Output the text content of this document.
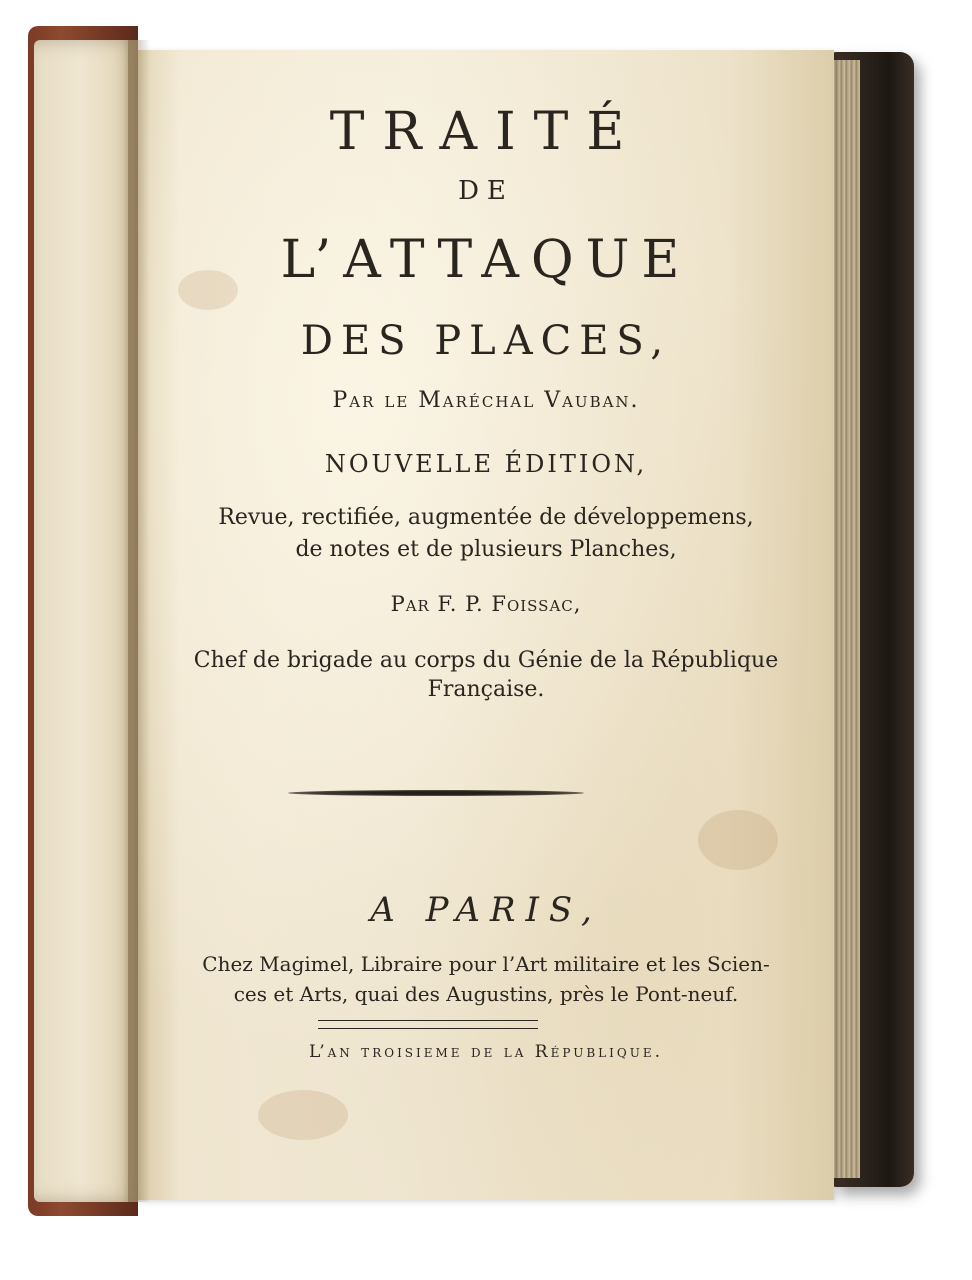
TRAITÉ
DE
L’ATTAQUE
DES PLACES,
Par le Maréchal Vauban.
NOUVELLE ÉDITION,
Revue, rectifiée, augmentée de développemens,
de notes et de plusieurs Planches,
Par F. P. Foissac,
Chef de brigade au corps du Génie de la République
Française.
A PARIS,
Chez Magimel, Libraire pour l’Art militaire et les Scien-
ces et Arts, quai des Augustins, près le Pont-neuf.
L’an troisieme de la République.
